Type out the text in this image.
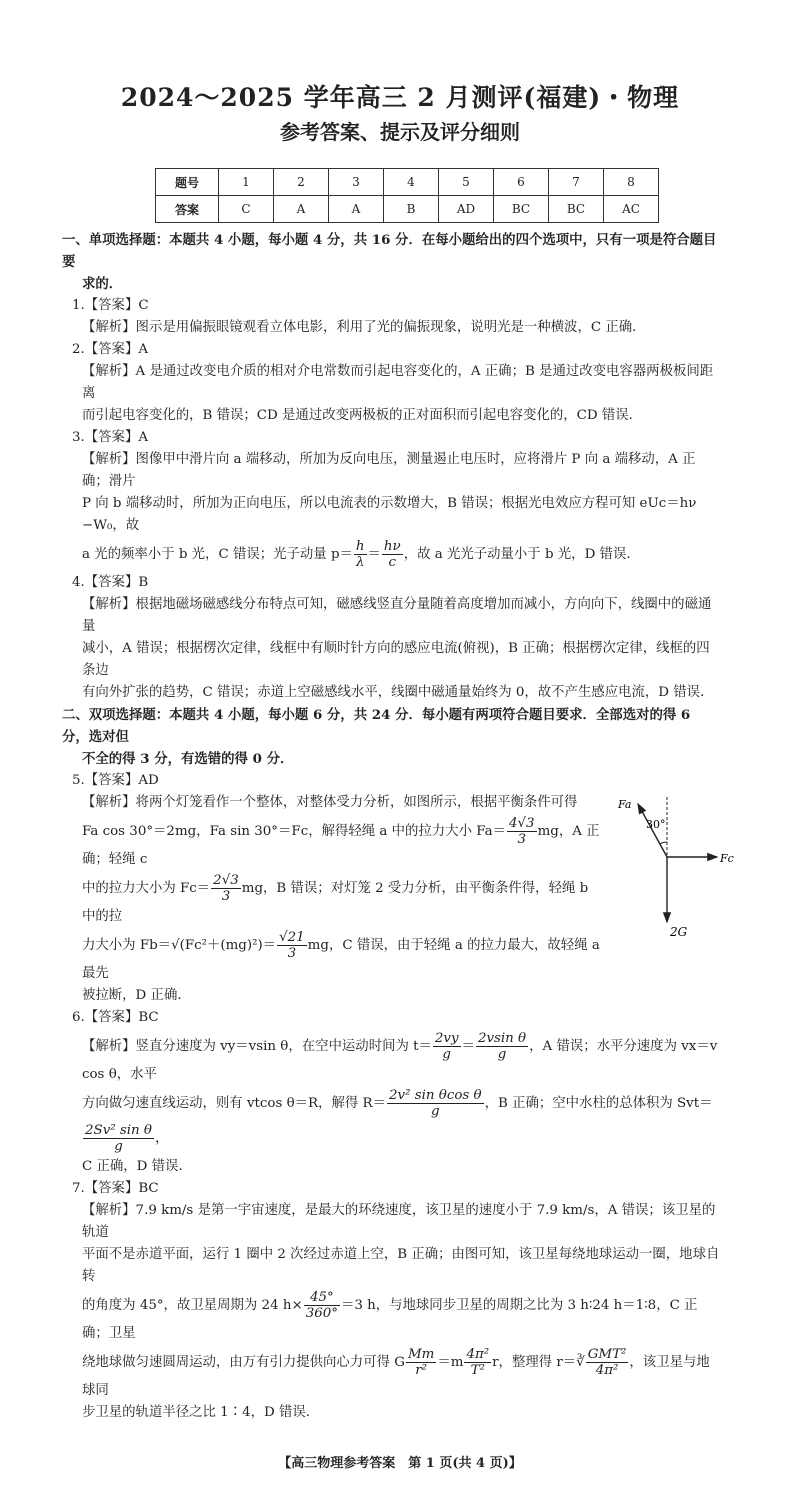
2024～2025 学年高三 2 月测评(福建)・物理
参考答案、提示及评分细则
题号	1	2	3	4	5	6	7	8
答案	C	A	A	B	AD	BC	BC	AC
一、单项选择题：本题共 4 小题，每小题 4 分，共 16 分．在每小题给出的四个选项中，只有一项是符合题目要
求的．
1.【答案】C
【解析】图示是用偏振眼镜观看立体电影，利用了光的偏振现象，说明光是一种横波，C 正确．
2.【答案】A
【解析】A 是通过改变电介质的相对介电常数而引起电容变化的，A 正确；B 是通过改变电容器两极板间距离
而引起电容变化的，B 错误；CD 是通过改变两极板的正对面积而引起电容变化的，CD 错误．
3.【答案】A
【解析】图像甲中滑片向 a 端移动，所加为反向电压，测量遏止电压时，应将滑片 P 向 a 端移动，A 正确；滑片
P 向 b 端移动时，所加为正向电压，所以电流表的示数增大，B 错误；根据光电效应方程可知 eUc＝hν−W₀，故
a 光的频率小于 b 光，C 错误；光子动量 $p= \frac{h}{\lambda} = \frac{h\nu}{c}$ ，故 a 光光子动量小于 b 光，D 错误．
4.【答案】B
【解析】根据地磁场磁感线分布特点可知，磁感线竖直分量随着高度增加而减小，方向向下，线圈中的磁通量
减小，A 错误；根据楞次定律，线框中有顺时针方向的感应电流(俯视)，B 正确；根据楞次定律，线框的四条边
有向外扩张的趋势，C 错误；赤道上空磁感线水平，线圈中磁通量始终为 0，故不产生感应电流，D 错误．
二、双项选择题：本题共 4 小题，每小题 6 分，共 24 分．每小题有两项符合题目要求．全部选对的得 6 分，选对但
不全的得 3 分，有选错的得 0 分．
5.【答案】AD
Fa
30°
Fc
2G
【解析】将两个灯笼看作一个整体，对整体受力分析，如图所示，根据平衡条件可得
Fa cos 30°＝2mg，Fa sin 30°＝Fc，解得轻绳 a 中的拉力大小 $Fa= \frac{4√3}{3}$ mg，A 正确；轻绳 c
中的拉力大小为 $Fc= \frac{2√3}{3}$ mg，B 错误；对灯笼 2 受力分析，由平衡条件得，轻绳 b 中的拉
力大小为 $Fb=√(Fc^2+(mg)^2)= \frac{√21}{3}$ mg，C 错误，由于轻绳 a 的拉力最大，故轻绳 a 最先
被拉断，D 正确．
6.【答案】BC
【解析】竖直分速度为 vy＝vsin θ，在空中运动时间为 $t= \frac{2vy}{g} = \frac{\text{2vsin θ}}{g}$ ，A 错误；水平分速度为 vx＝vcos θ，水平
方向做匀速直线运动，则有 vtcos θ＝R，解得 $R= \frac{\text{2v² sin θcos θ}}{g}$ ，B 正确；空中水柱的总体积为 Svt＝
$\frac{\text{2Sv² sin θ}}{g}$ ，
C 正确，D 错误．
7.【答案】BC
【解析】7.9 km/s 是第一宇宙速度，是最大的环绕速度，该卫星的速度小于 7.9 km/s，A 错误；该卫星的轨道
平面不是赤道平面，运行 1 圈中 2 次经过赤道上空，B 正确；由图可知，该卫星每绕地球运动一圈，地球自转
的角度为 45°，故卫星周期为 24 $h\times \frac{45^\circ}{360^\circ} =3$ h，与地球同步卫星的周期之比为 3 h∶24 h＝1∶8，C 正确；卫星
绕地球做匀速圆周运动，由万有引力提供向心力可得 G $\frac{Mm}{\text{r²}} =m \frac{\text{4π²}}{\text{T²}}$ r，整理得 r＝∛
GMT²
4π²
，该卫星与地球同
步卫星的轨道半径之比 1∶4，D 错误．
【高三物理参考答案　第 1 页(共 4 页)】
